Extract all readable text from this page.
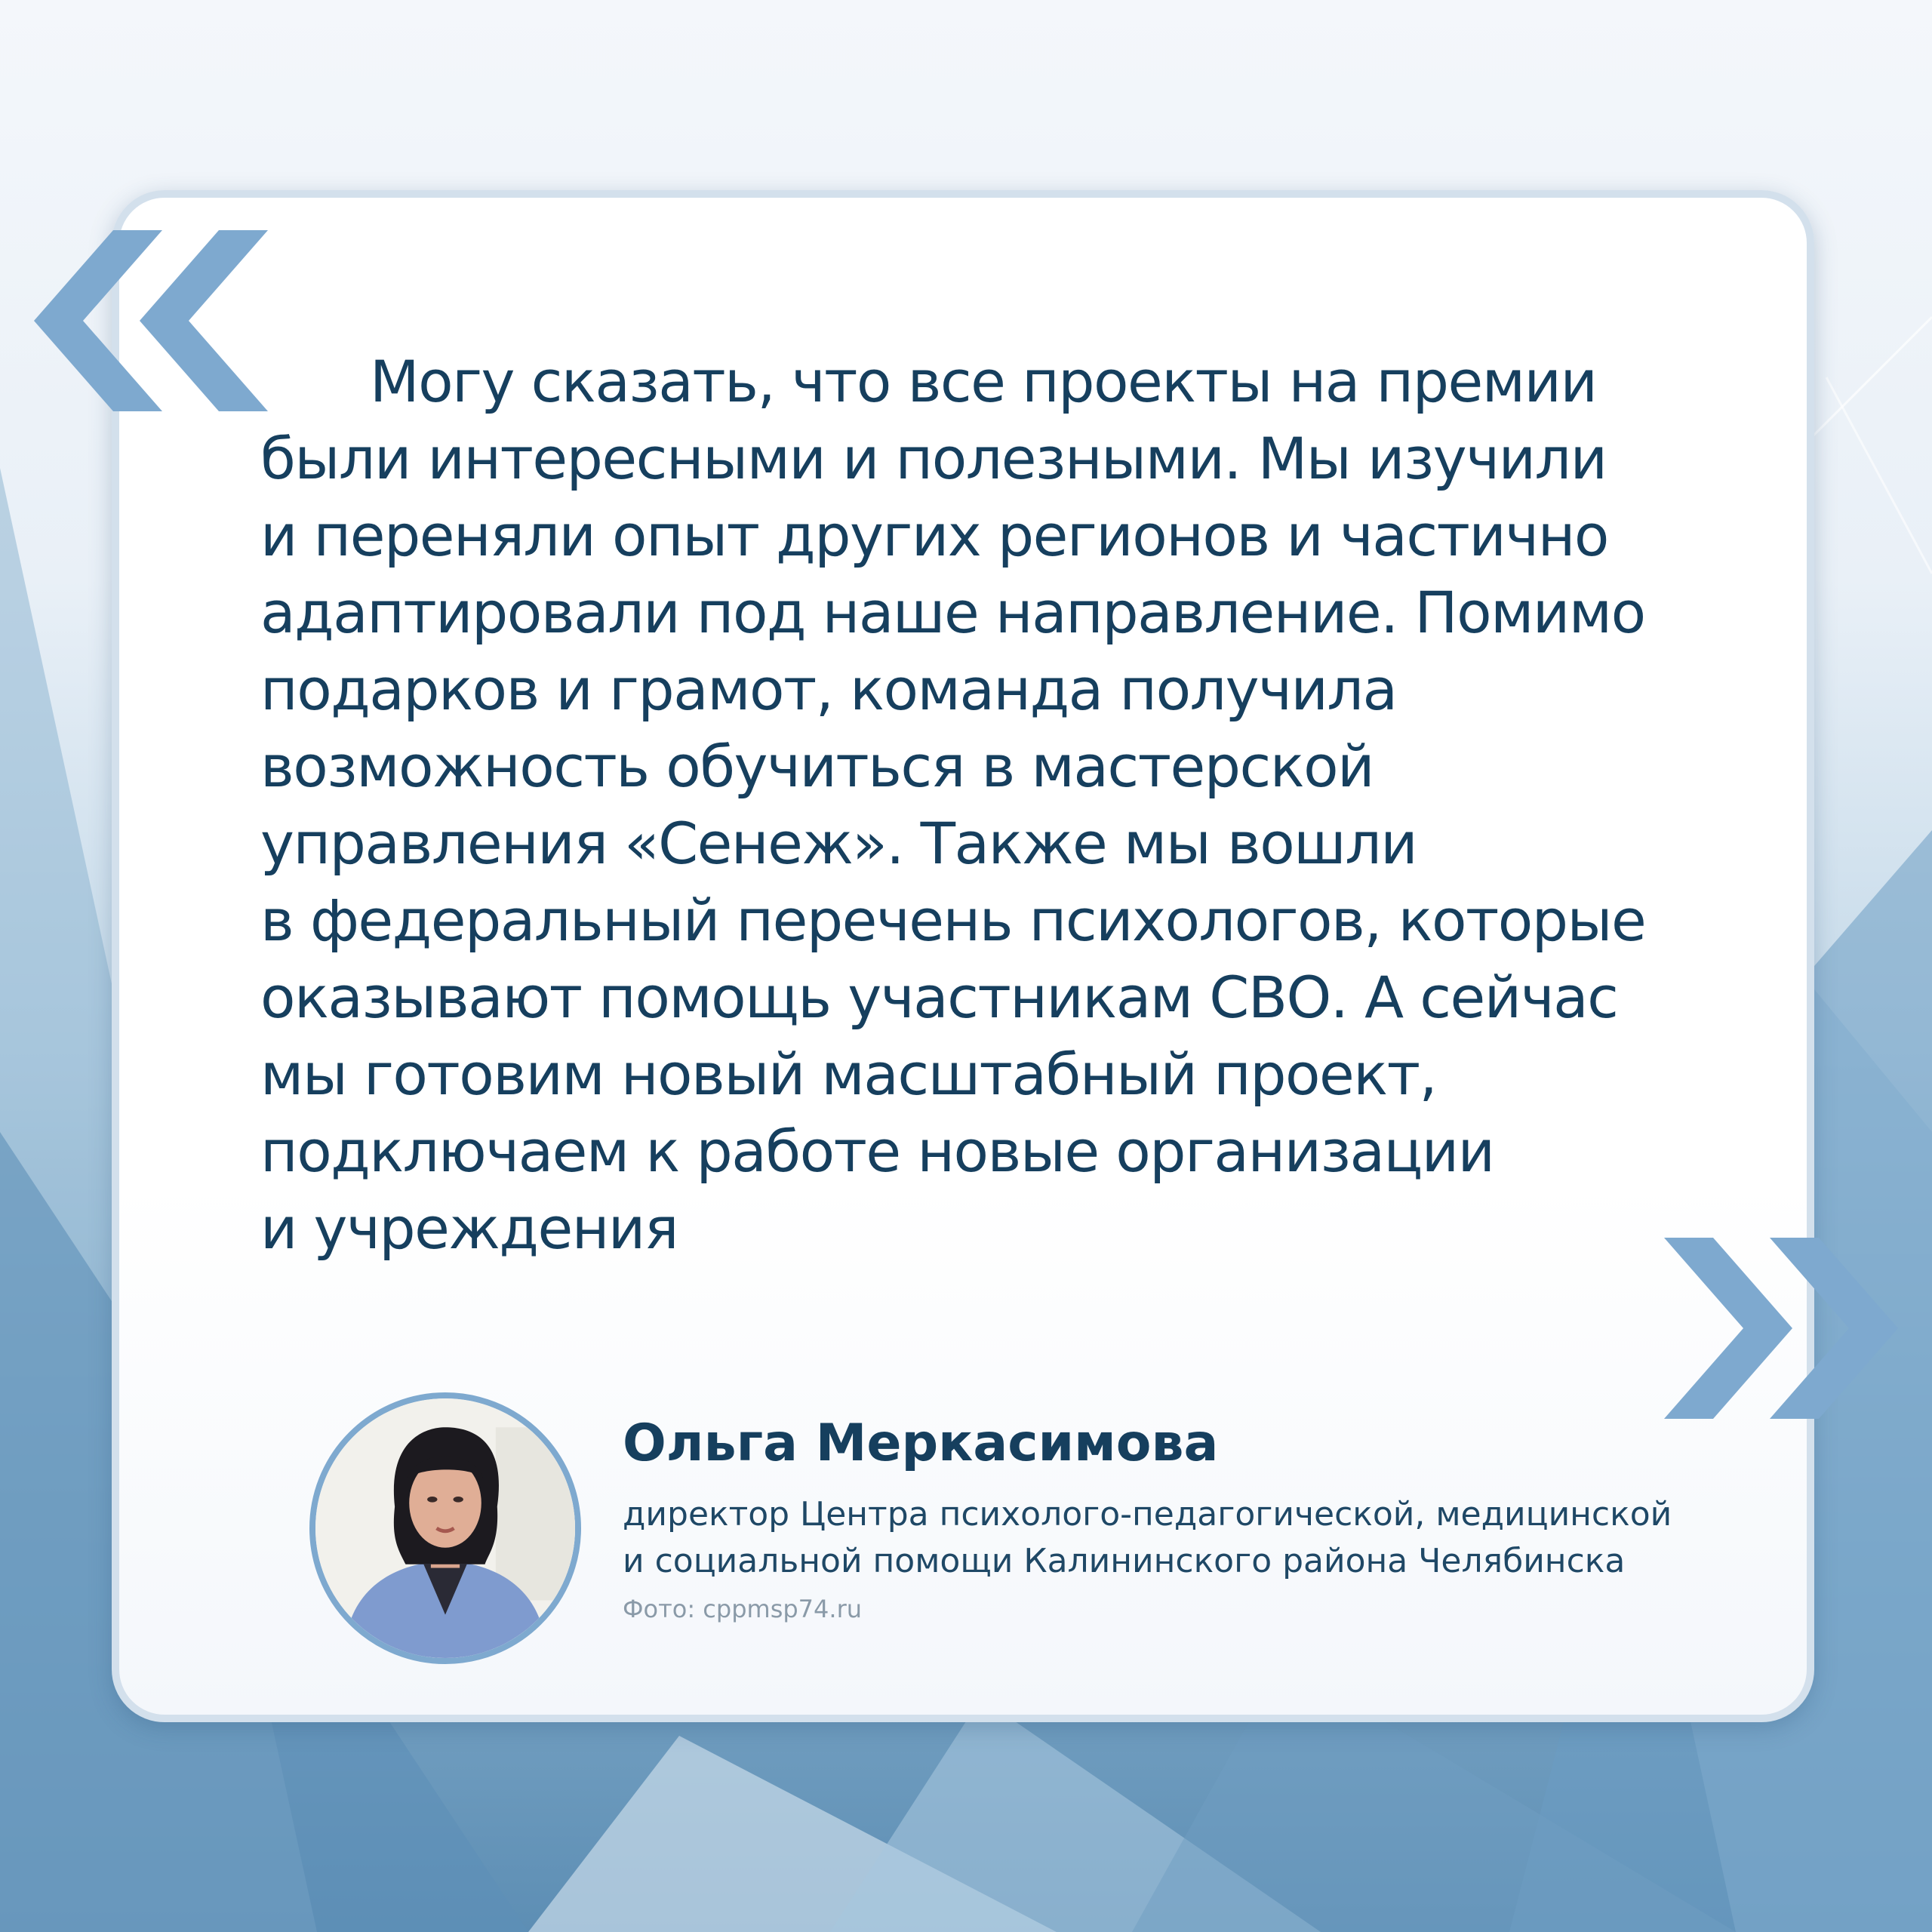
Могу сказать, что все проекты на премии
были интересными и полезными. Мы изучили
и переняли опыт других регионов и частично
адаптировали под наше направление. Помимо
подарков и грамот, команда получила
возможность обучиться в мастерской
управления «Сенеж». Также мы вошли
в федеральный перечень психологов, которые
оказывают помощь участникам СВО. А сейчас
мы готовим новый масштабный проект,
подключаем к работе новые организации
и учреждения

Ольга Меркасимова

директор Центра психолого-педагогической, медицинской
и социальной помощи Калининского района Челябинска

Фото: cppmsp74.ru
